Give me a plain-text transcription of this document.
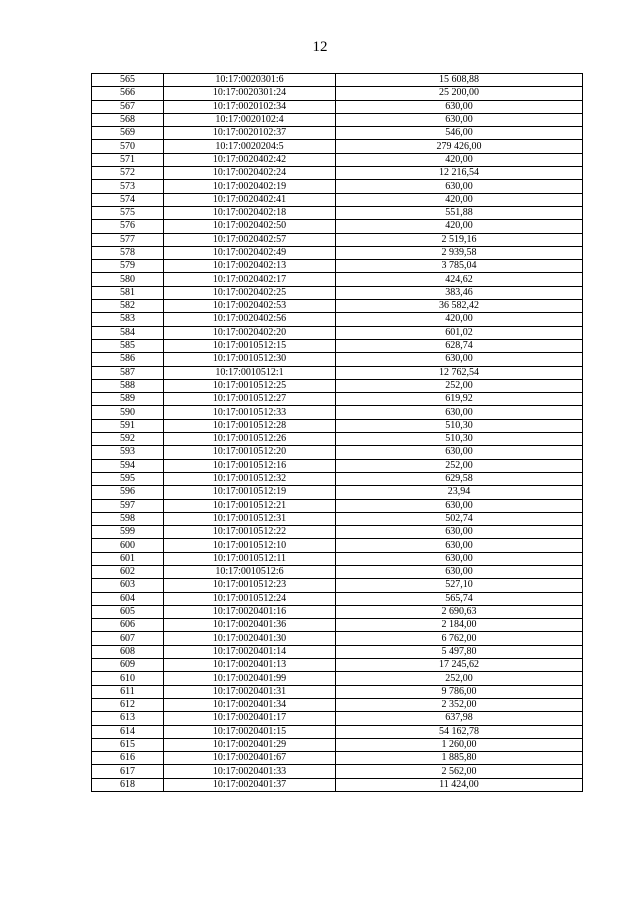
12
565	10:17:0020301:6	15 608,88
566	10:17:0020301:24	25 200,00
567	10:17:0020102:34	630,00
568	10:17:0020102:4	630,00
569	10:17:0020102:37	546,00
570	10:17:0020204:5	279 426,00
571	10:17:0020402:42	420,00
572	10:17:0020402:24	12 216,54
573	10:17:0020402:19	630,00
574	10:17:0020402:41	420,00
575	10:17:0020402:18	551,88
576	10:17:0020402:50	420,00
577	10:17:0020402:57	2 519,16
578	10:17:0020402:49	2 939,58
579	10:17:0020402:13	3 785,04
580	10:17:0020402:17	424,62
581	10:17:0020402:25	383,46
582	10:17:0020402:53	36 582,42
583	10:17:0020402:56	420,00
584	10:17:0020402:20	601,02
585	10:17:0010512:15	628,74
586	10:17:0010512:30	630,00
587	10:17:0010512:1	12 762,54
588	10:17:0010512:25	252,00
589	10:17:0010512:27	619,92
590	10:17:0010512:33	630,00
591	10:17:0010512:28	510,30
592	10:17:0010512:26	510,30
593	10:17:0010512:20	630,00
594	10:17:0010512:16	252,00
595	10:17:0010512:32	629,58
596	10:17:0010512:19	23,94
597	10:17:0010512:21	630,00
598	10:17:0010512:31	502,74
599	10:17:0010512:22	630,00
600	10:17:0010512:10	630,00
601	10:17:0010512:11	630,00
602	10:17:0010512:6	630,00
603	10:17:0010512:23	527,10
604	10:17:0010512:24	565,74
605	10:17:0020401:16	2 690,63
606	10:17:0020401:36	2 184,00
607	10:17:0020401:30	6 762,00
608	10:17:0020401:14	5 497,80
609	10:17:0020401:13	17 245,62
610	10:17:0020401:99	252,00
611	10:17:0020401:31	9 786,00
612	10:17:0020401:34	2 352,00
613	10:17:0020401:17	637,98
614	10:17:0020401:15	54 162,78
615	10:17:0020401:29	1 260,00
616	10:17:0020401:67	1 885,80
617	10:17:0020401:33	2 562,00
618	10:17:0020401:37	11 424,00
